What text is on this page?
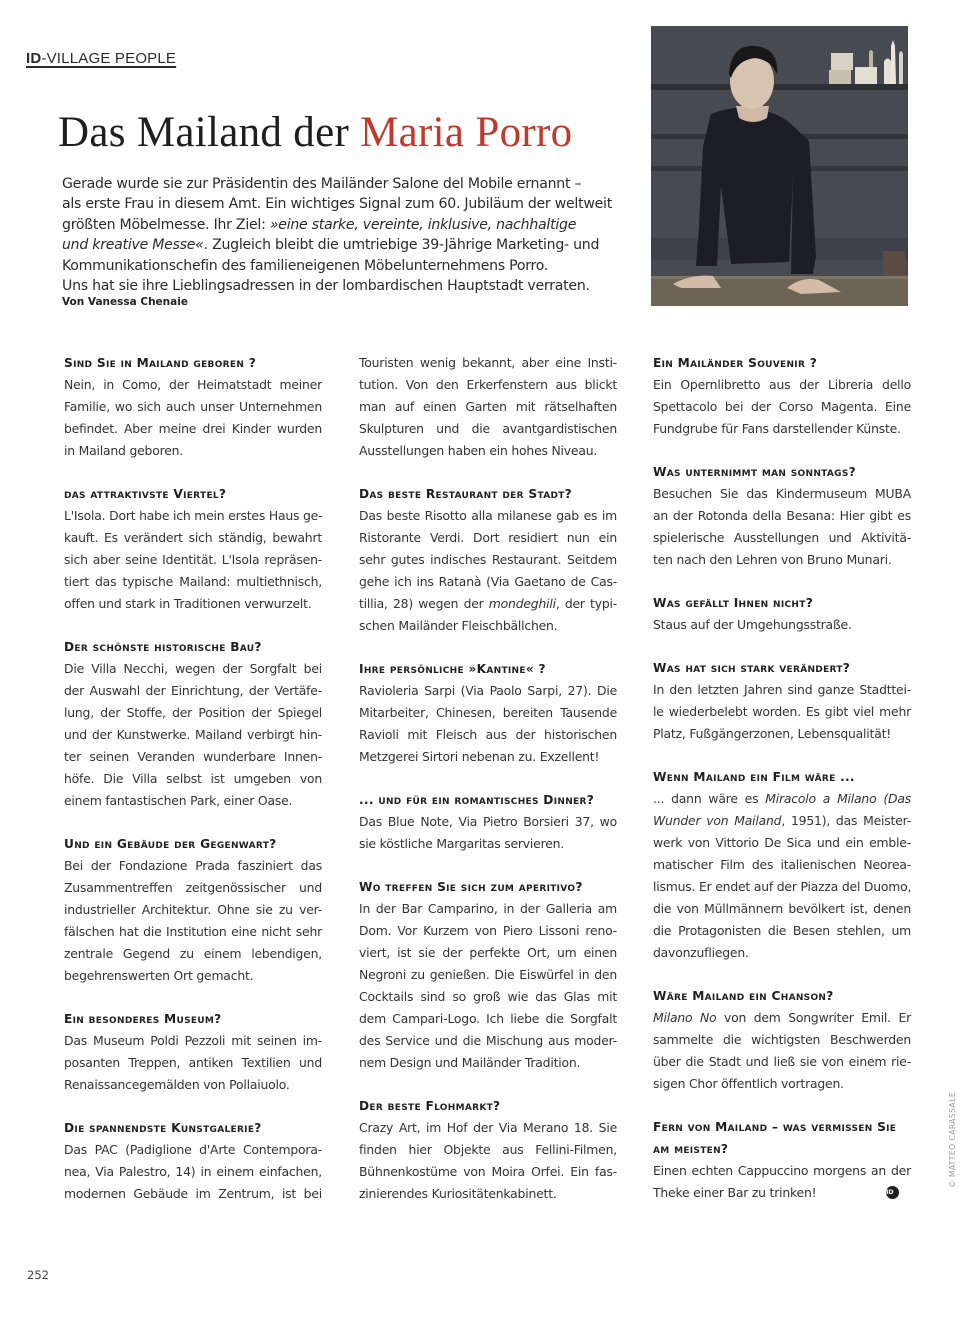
ID-VILLAGE PEOPLE
Das Mailand der Maria Porro
Gerade wurde sie zur Präsidentin des Mailänder Salone del Mobile ernannt –
als erste Frau in diesem Amt. Ein wichtiges Signal zum 60. Jubiläum der weltweit
größten Möbelmesse. Ihr Ziel: »eine starke, vereinte, inklusive, nachhaltige
und kreative Messe«. Zugleich bleibt die umtriebige 39-Jährige Marketing- und
Kommunikationschefin des familieneigenen Möbelunternehmens Porro.
Uns hat sie ihre Lieblingsadressen in der lombardischen Hauptstadt verraten.
Von Vanessa Chenaie
Sind Sie in Mailand geboren ?
Nein, in Como, der Heimatstadt meiner
Familie, wo sich auch unser Unternehmen
befindet. Aber meine drei Kinder wurden
in Mailand geboren.
das attraktivste Viertel?
L'Isola. Dort habe ich mein erstes Haus ge-
kauft. Es verändert sich ständig, bewahrt
sich aber seine Identität. L'Isola repräsen-
tiert das typische Mailand: multiethnisch,
offen und stark in Traditionen verwurzelt.
Der schönste historische Bau?
Die Villa Necchi, wegen der Sorgfalt bei
der Auswahl der Einrichtung, der Vertäfe-
lung, der Stoffe, der Position der Spiegel
und der Kunstwerke. Mailand verbirgt hin-
ter seinen Veranden wunderbare Innen-
höfe. Die Villa selbst ist umgeben von
einem fantastischen Park, einer Oase.
Und ein Gebäude der Gegenwart?
Bei der Fondazione Prada fasziniert das
Zusammentreffen zeitgenössischer und
industrieller Architektur. Ohne sie zu ver-
fälschen hat die Institution eine nicht sehr
zentrale Gegend zu einem lebendigen,
begehrenswerten Ort gemacht.
Ein besonderes Museum?
Das Museum Poldi Pezzoli mit seinen im-
posanten Treppen, antiken Textilien und
Renaissancegemälden von Pollaiuolo.
Die spannendste Kunstgalerie?
Das PAC (Padiglione d'Arte Contempora-
nea, Via Palestro, 14) in einem einfachen,
modernen Gebäude im Zentrum, ist bei
Touristen wenig bekannt, aber eine Insti-
tution. Von den Erkerfenstern aus blickt
man auf einen Garten mit rätselhaften
Skulpturen und die avantgardistischen
Ausstellungen haben ein hohes Niveau.
Das beste Restaurant der Stadt?
Das beste Risotto alla milanese gab es im
Ristorante Verdi. Dort residiert nun ein
sehr gutes indisches Restaurant. Seitdem
gehe ich ins Ratanà (Via Gaetano de Cas-
tillia, 28) wegen der mondeghili, der typi-
schen Mailänder Fleischbällchen.
Ihre persönliche »Kantine« ?
Ravioleria Sarpi (Via Paolo Sarpi, 27). Die
Mitarbeiter, Chinesen, bereiten Tausende
Ravioli mit Fleisch aus der historischen
Metzgerei Sirtori nebenan zu. Exzellent!
... und für ein romantisches Dinner?
Das Blue Note, Via Pietro Borsieri 37, wo
sie köstliche Margaritas servieren.
Wo treffen Sie sich zum aperitivo?
In der Bar Camparino, in der Galleria am
Dom. Vor Kurzem von Piero Lissoni reno-
viert, ist sie der perfekte Ort, um einen
Negroni zu genießen. Die Eiswürfel in den
Cocktails sind so groß wie das Glas mit
dem Campari-Logo. Ich liebe die Sorgfalt
des Service und die Mischung aus moder-
nem Design und Mailänder Tradition.
Der beste Flohmarkt?
Crazy Art, im Hof der Via Merano 18. Sie
finden hier Objekte aus Fellini-Filmen,
Bühnenkostüme von Moira Orfei. Ein fas-
zinierendes Kuriositätenkabinett.
Ein Mailänder Souvenir ?
Ein Opernlibretto aus der Libreria dello
Spettacolo bei der Corso Magenta. Eine
Fundgrube für Fans darstellender Künste.
Was unternimmt man sonntags?
Besuchen Sie das Kindermuseum MUBA
an der Rotonda della Besana: Hier gibt es
spielerische Ausstellungen und Aktivitä-
ten nach den Lehren von Bruno Munari.
Was gefällt Ihnen nicht?
Staus auf der Umgehungsstraße.
Was hat sich stark verändert?
In den letzten Jahren sind ganze Stadttei-
le wiederbelebt worden. Es gibt viel mehr
Platz, Fußgängerzonen, Lebensqualität!
Wenn Mailand ein Film wäre ...
... dann wäre es Miracolo a Milano (Das
Wunder von Mailand, 1951), das Meister-
werk von Vittorio De Sica und ein emble-
matischer Film des italienischen Neorea-
lismus. Er endet auf der Piazza del Duomo,
die von Müllmännern bevölkert ist, denen
die Protagonisten die Besen stehlen, um
davonzufliegen.
Wäre Mailand ein Chanson?
Milano No von dem Songwriter Emil. Er
sammelte die wichtigsten Beschwerden
über die Stadt und ließ sie von einem rie-
sigen Chor öffentlich vortragen.
Fern von Mailand – was vermissen Sie am meisten?
Einen echten Cappuccino morgens an der
Theke einer Bar zu trinken!	ID
© MATTEO CARASSALE
252
